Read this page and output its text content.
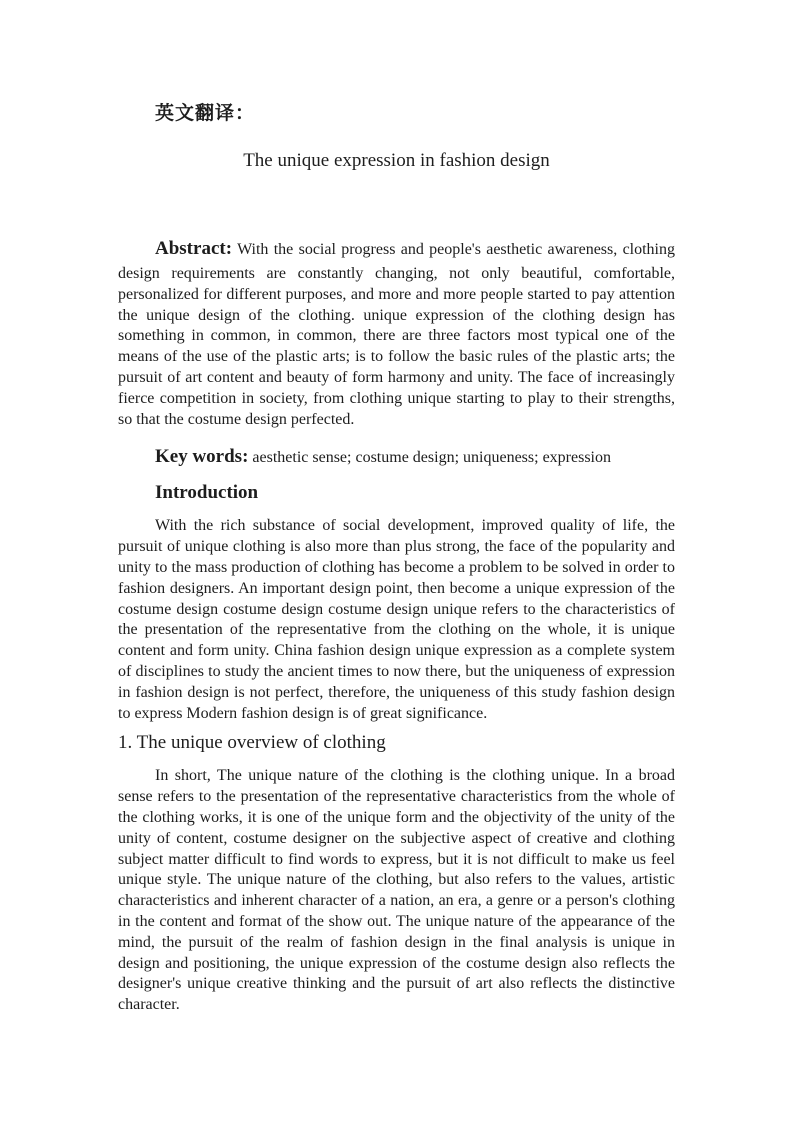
英文翻译：

The unique expression in fashion design

Abstract: With the social progress and people's aesthetic awareness, clothing design requirements are constantly changing, not only beautiful, comfortable, personalized for different purposes, and more and more people started to pay attention the unique design of the clothing. unique expression of the clothing design has something in common, in common, there are three factors most typical one of the means of the use of the plastic arts; is to follow the basic rules of the plastic arts; the pursuit of art content and beauty of form harmony and unity. The face of increasingly fierce competition in society, from clothing unique starting to play to their strengths, so that the costume design perfected.

Key words: aesthetic sense; costume design; uniqueness; expression

Introduction

With the rich substance of social development, improved quality of life, the pursuit of unique clothing is also more than plus strong, the face of the popularity and unity to the mass production of clothing has become a problem to be solved in order to fashion designers. An important design point, then become a unique expression of the costume design costume design costume design unique refers to the characteristics of the presentation of the representative from the clothing on the whole, it is unique content and form unity. China fashion design unique expression as a complete system of disciplines to study the ancient times to now there, but the uniqueness of expression in fashion design is not perfect, therefore, the uniqueness of this study fashion design to express Modern fashion design is of great significance.

1. The unique overview of clothing

In short, The unique nature of the clothing is the clothing unique. In a broad sense refers to the presentation of the representative characteristics from the whole of the clothing works, it is one of the unique form and the objectivity of the unity of the unity of content, costume designer on the subjective aspect of creative and clothing subject matter difficult to find words to express, but it is not difficult to make us feel unique style. The unique nature of the clothing, but also refers to the values, artistic characteristics and inherent character of a nation, an era, a genre or a person's clothing in the content and format of the show out. The unique nature of the appearance of the mind, the pursuit of the realm of fashion design in the final analysis is unique in design and positioning, the unique expression of the costume design also reflects the designer's unique creative thinking and the pursuit of art also reflects the distinctive character.
